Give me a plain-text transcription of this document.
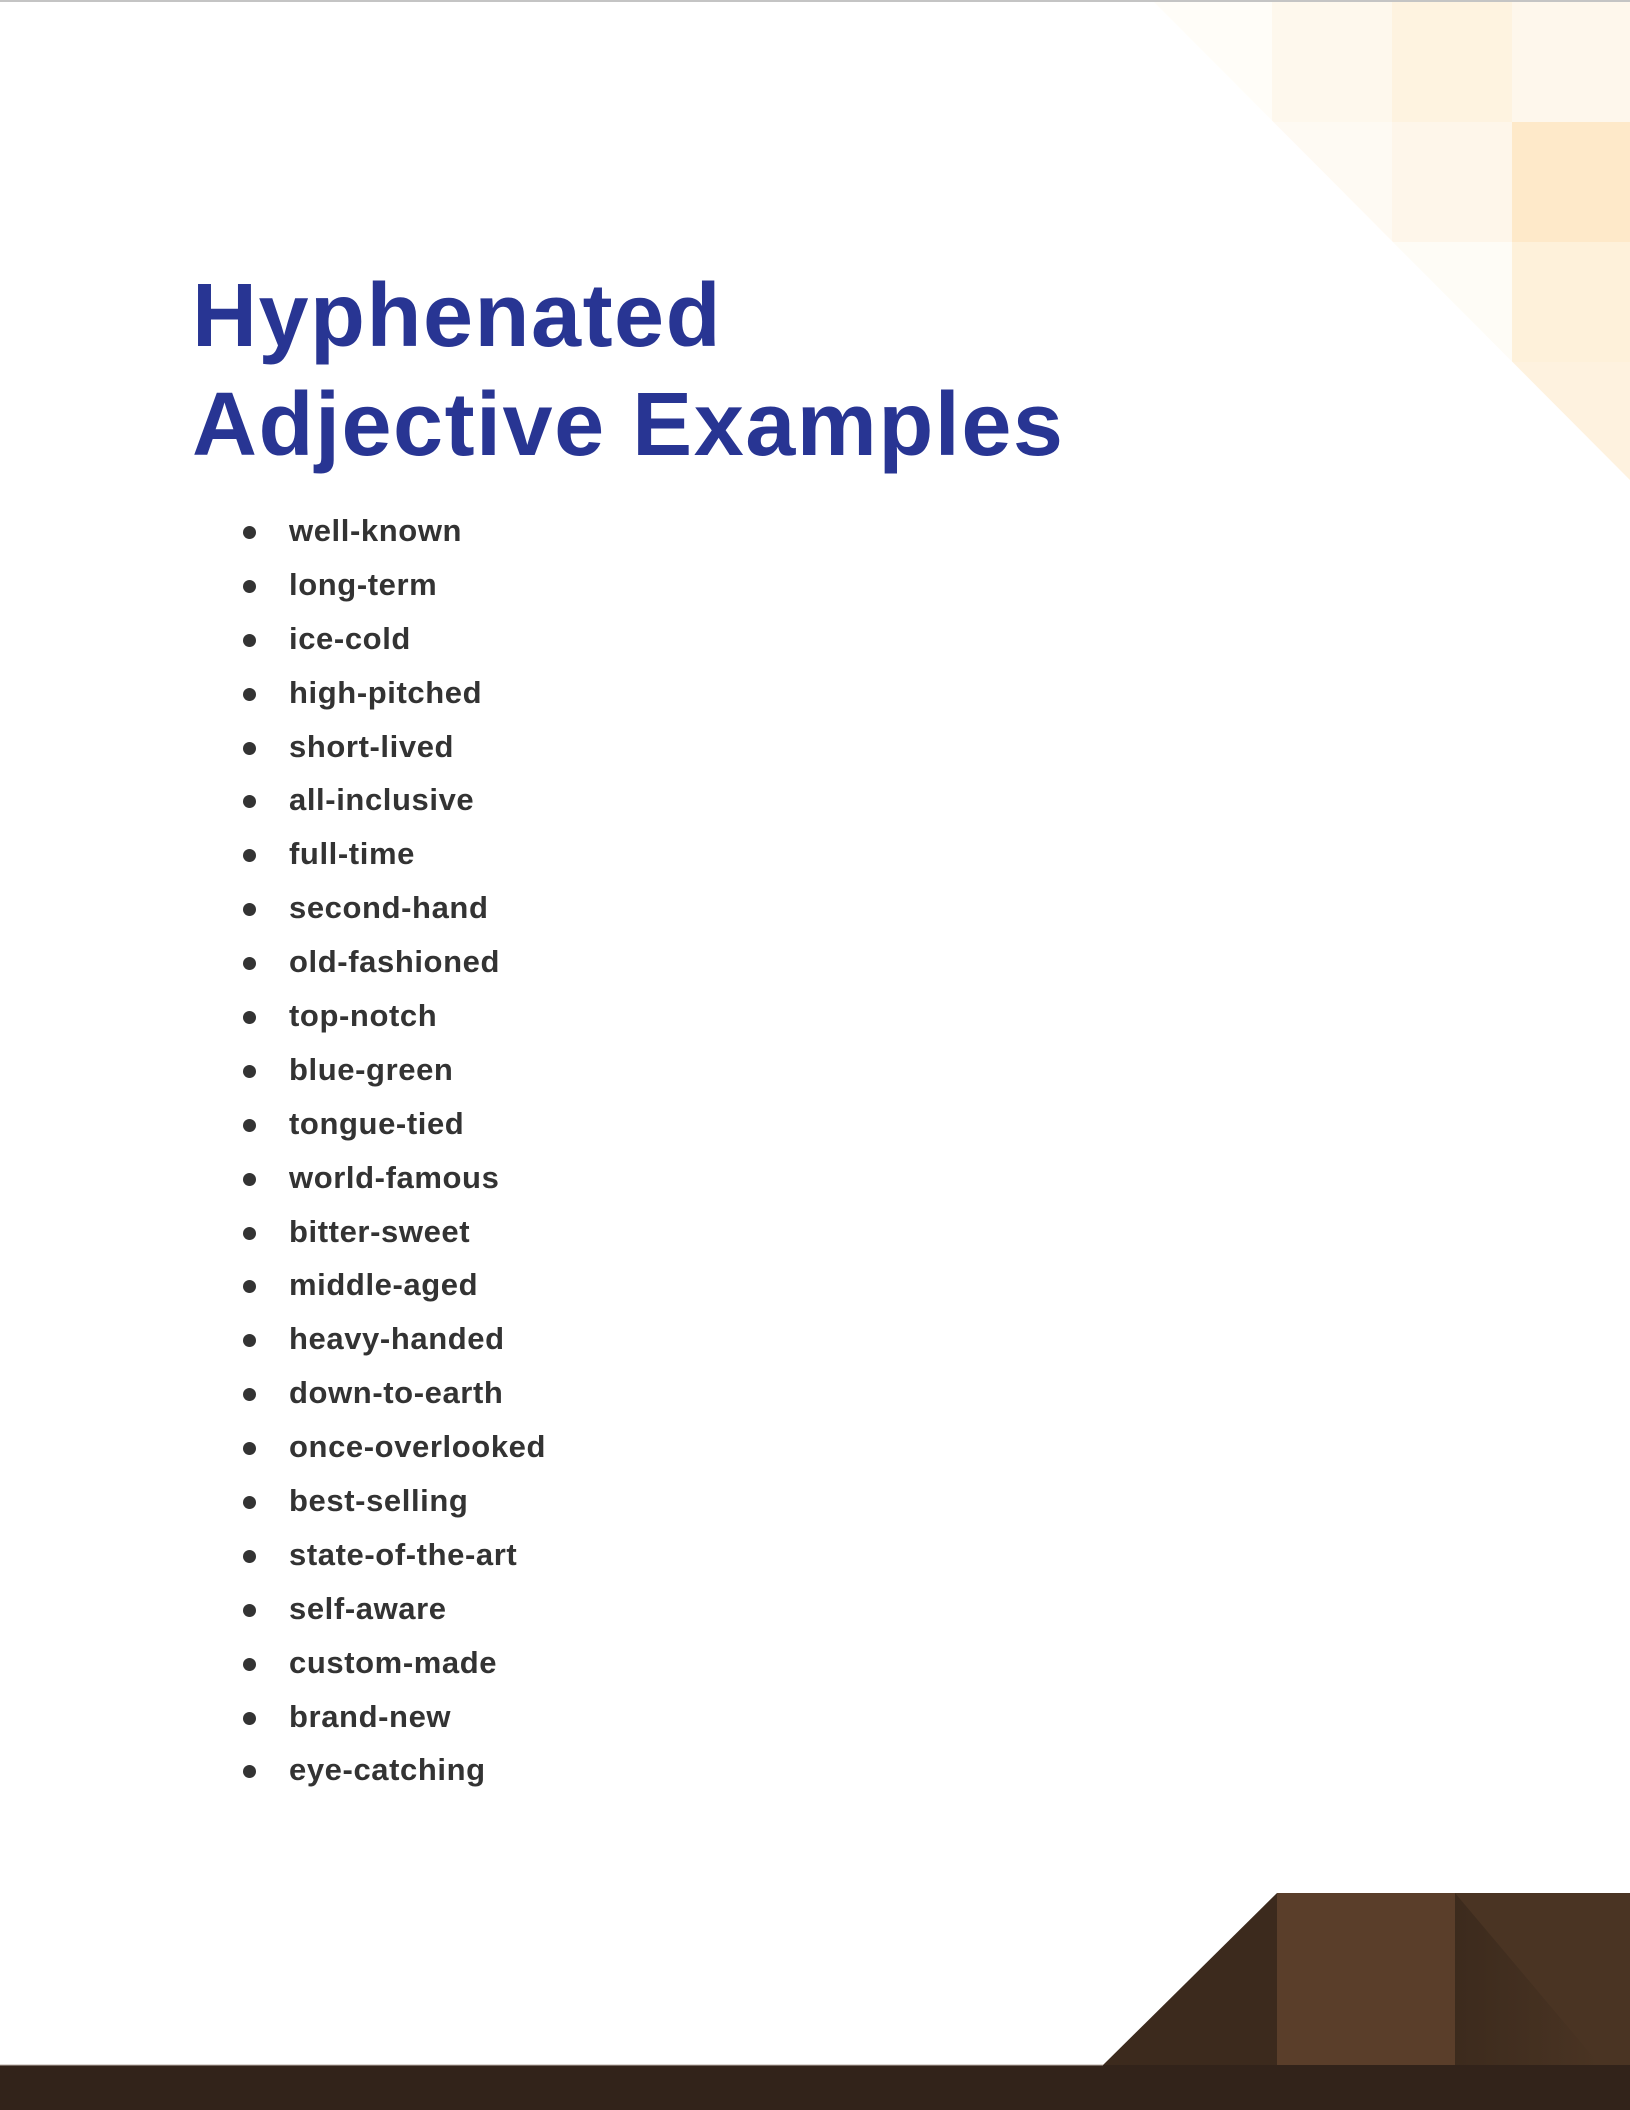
Hyphenated
Adjective Examples
well-known
long-term
ice-cold
high-pitched
short-lived
all-inclusive
full-time
second-hand
old-fashioned
top-notch
blue-green
tongue-tied
world-famous
bitter-sweet
middle-aged
heavy-handed
down-to-earth
once-overlooked
best-selling
state-of-the-art
self-aware
custom-made
brand-new
eye-catching
